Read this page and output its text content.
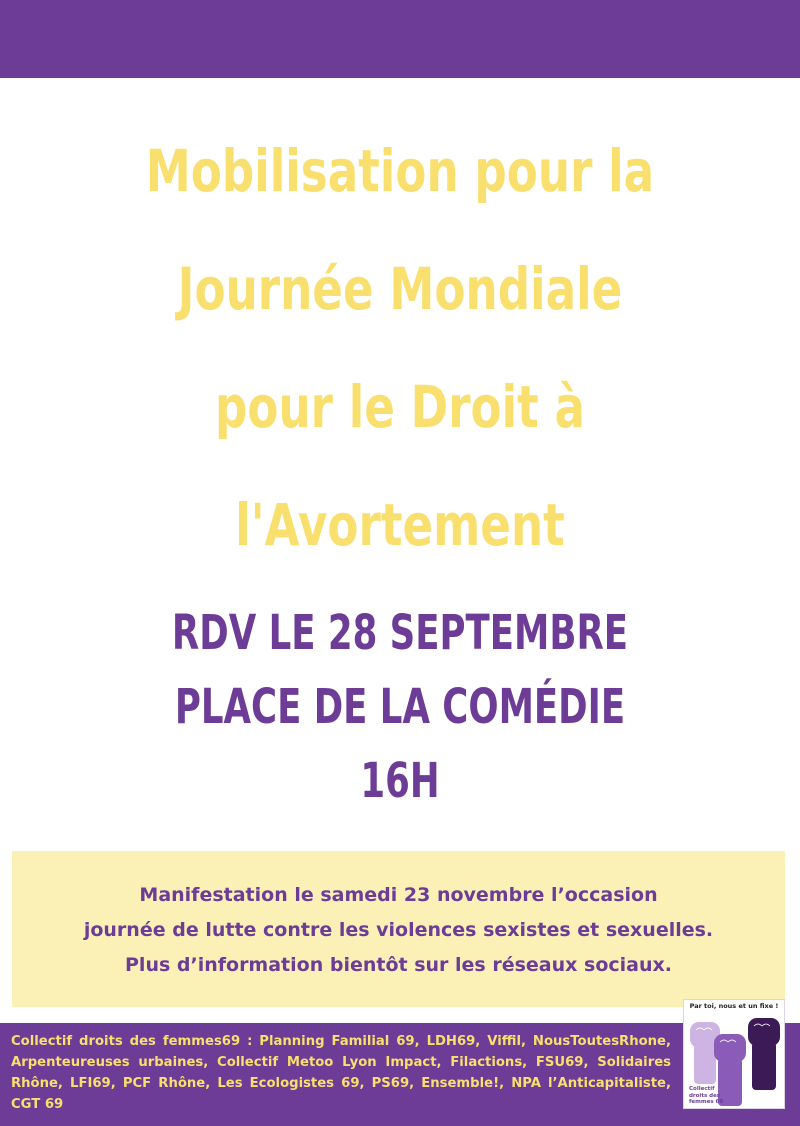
Mobilisation pour la
Journée Mondiale
pour le Droit à
l'Avortement
RDV LE 28 SEPTEMBRE
PLACE DE LA COMÉDIE
16H
Manifestation le samedi 23 novembre l’occasion
journée de lutte contre les violences sexistes et sexuelles.
Plus d’information bientôt sur les réseaux sociaux.
Collectif droits des femmes69 : Planning Familial 69, LDH69, Viffil, NousToutesRhone, Arpenteureuses urbaines, Collectif Metoo Lyon Impact, Filactions, FSU69, Solidaires Rhône, LFI69, PCF Rhône, Les Ecologistes 69, PS69, Ensemble!, NPA l’Anticapitaliste, CGT 69
Par toi, nous et un fixe !
Collectif
droits des
femmes 69
